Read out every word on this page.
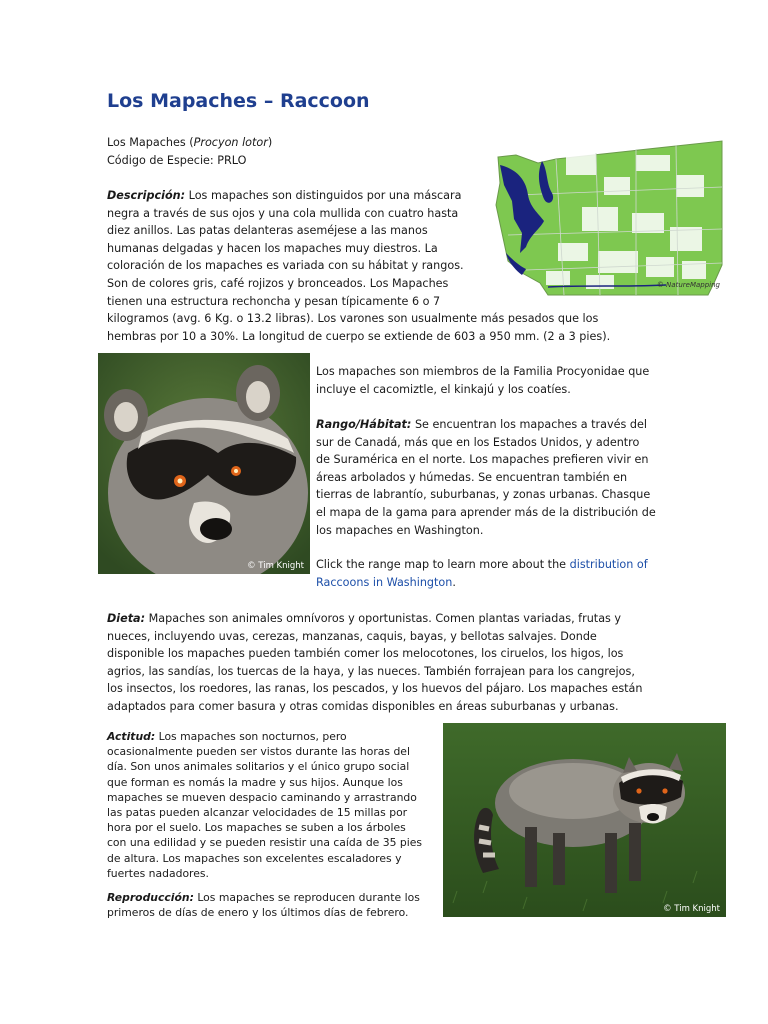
Los Mapaches – Raccoon

Los Mapaches (Procyon lotor)
Código de Especie: PRLO

Descripción: Los mapaches son distinguidos por una máscara
negra a través de sus ojos y una cola mullida con cuatro hasta
diez anillos. Las patas delanteras aseméjese a las manos
humanas delgadas y hacen los mapaches muy diestros. La
coloración de los mapaches es variada con su hábitat y rangos.
Son de colores gris, café rojizos y bronceados. Los Mapaches
tienen una estructura rechoncha y pesan típicamente 6 o 7
kilogramos (avg. 6 Kg. o 13.2 libras). Los varones son usualmente más pesados que los
hembras por 10 a 30%. La longitud de cuerpo se extiende de 603 a 950 mm. (2 a 3 pies).

© NatureMapping
© Tim Knight

Los mapaches son miembros de la Familia Procyonidae que
incluye el cacomiztle, el kinkajú y los coatíes.

Rango/Hábitat: Se encuentran los mapaches a través del
sur de Canadá, más que en los Estados Unidos, y adentro
de Suramérica en el norte. Los mapaches prefieren vivir en
áreas arbolados y húmedas. Se encuentran también en
tierras de labrantío, suburbanas, y zonas urbanas. Chasque
el mapa de la gama para aprender más de la distribución de
los mapaches en Washington.

Click the range map to learn more about the distribution of
Raccoons in Washington.

Dieta: Mapaches son animales omnívoros y oportunistas. Comen plantas variadas, frutas y
nueces, incluyendo uvas, cerezas, manzanas, caquis, bayas, y bellotas salvajes. Donde
disponible los mapaches pueden también comer los melocotones, los ciruelos, los higos, los
agrios, las sandías, los tuercas de la haya, y las nueces. También forrajean para los cangrejos,
los insectos, los roedores, las ranas, los pescados, y los huevos del pájaro. Los mapaches están
adaptados para comer basura y otras comidas disponibles en áreas suburbanas y urbanas.

Actitud: Los mapaches son nocturnos, pero
ocasionalmente pueden ser vistos durante las horas del
día. Son unos animales solitarios y el único grupo social
que forman es nomás la madre y sus hijos. Aunque los
mapaches se mueven despacio caminando y arrastrando
las patas pueden alcanzar velocidades de 15 millas por
hora por el suelo. Los mapaches se suben a los árboles
con una edilidad y se pueden resistir una caída de 35 pies
de altura. Los mapaches son excelentes escaladores y
fuertes nadadores.

Reproducción: Los mapaches se reproducen durante los
primeros de días de enero y los últimos días de febrero.	© Tim Knight
